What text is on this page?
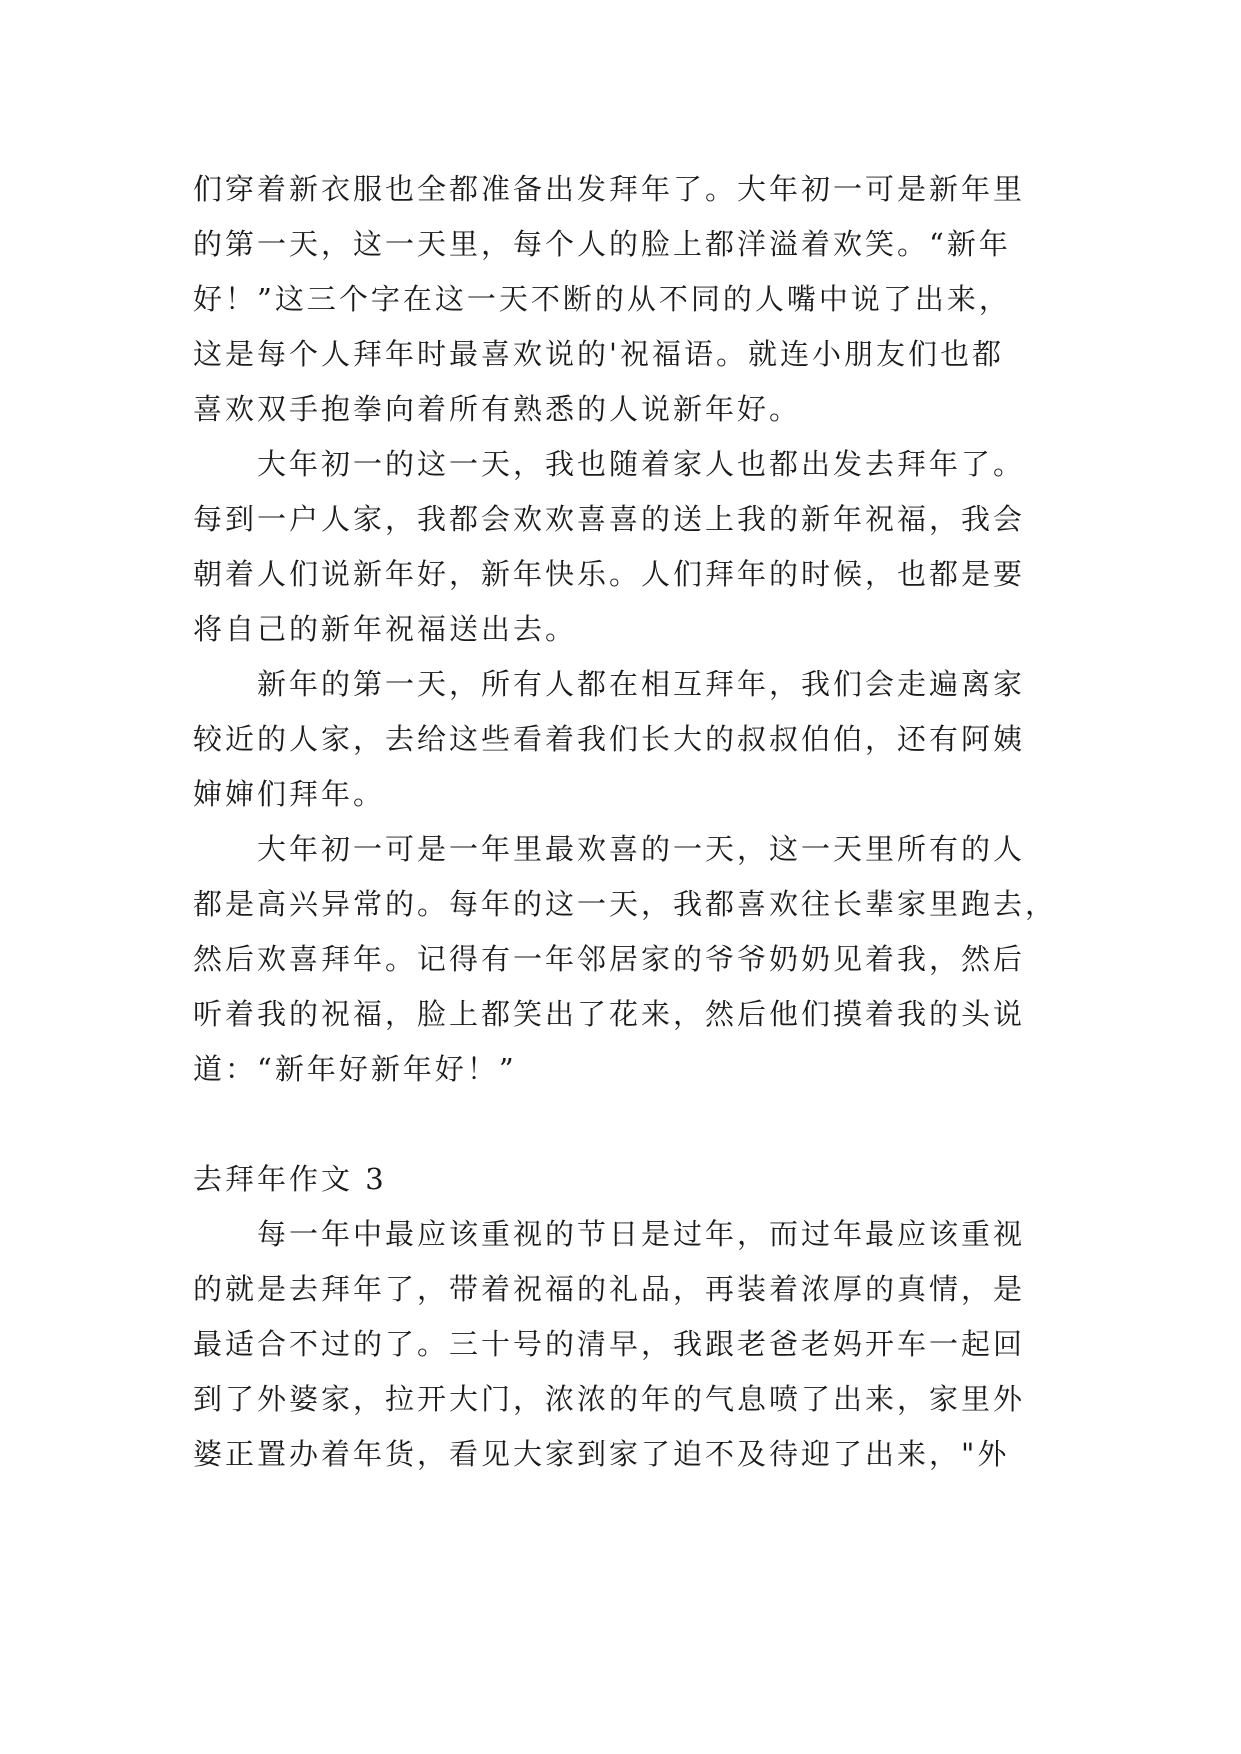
们穿着新衣服也全都准备出发拜年了。大年初一可是新年里
的第一天，这一天里，每个人的脸上都洋溢着欢笑。“新年
好！”这三个字在这一天不断的从不同的人嘴中说了出来，
这是每个人拜年时最喜欢说的'祝福语。就连小朋友们也都
喜欢双手抱拳向着所有熟悉的人说新年好。
　　大年初一的这一天，我也随着家人也都出发去拜年了。
每到一户人家，我都会欢欢喜喜的送上我的新年祝福，我会
朝着人们说新年好，新年快乐。人们拜年的时候，也都是要
将自己的新年祝福送出去。
　　新年的第一天，所有人都在相互拜年，我们会走遍离家
较近的人家，去给这些看着我们长大的叔叔伯伯，还有阿姨
婶婶们拜年。
　　大年初一可是一年里最欢喜的一天，这一天里所有的人
都是高兴异常的。每年的这一天，我都喜欢往长辈家里跑去，
然后欢喜拜年。记得有一年邻居家的爷爷奶奶见着我，然后
听着我的祝福，脸上都笑出了花来，然后他们摸着我的头说
道：“新年好新年好！”
去拜年作文 3
　　每一年中最应该重视的节日是过年，而过年最应该重视
的就是去拜年了，带着祝福的礼品，再装着浓厚的真情，是
最适合不过的了。三十号的清早，我跟老爸老妈开车一起回
到了外婆家，拉开大门，浓浓的年的气息喷了出来，家里外
婆正置办着年货，看见大家到家了迫不及待迎了出来，"外
